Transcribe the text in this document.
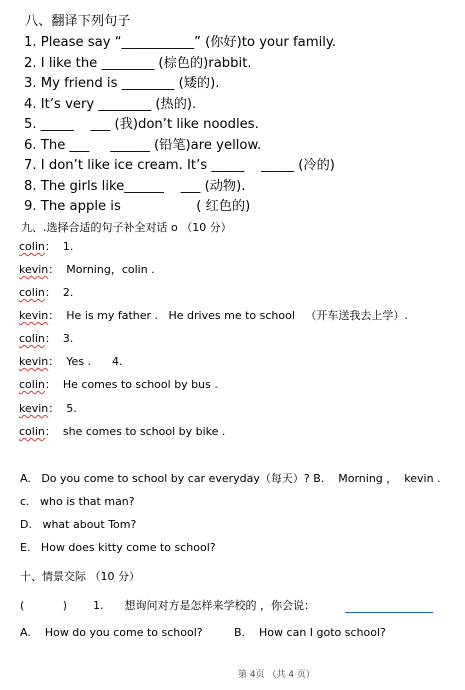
八、翻译下列句子
1. Please say “___________” (你好)to your family.
2. I like the ________ (棕色的)rabbit.
3. My friend is ________ (矮的).
4. It’s very ________ (热的).
5. _____    ___ (我)don’t like noodles.
6. The ___     ______ (铅笔)are yellow.
7. I don’t like ice cream. It’s _____    _____ (冷的)
8. The girls like______    ___ (动物).
9. The apple is                  ( 红色的)
九、.选择合适的句子补全对话 o （10 分）
colin：  1.
kevin：  Morning，colin .
colin：  2.
kevin：  He is my father .   He drives me to school   （开车送我去上学）.
colin：  3.
kevin：  Yes .      4.
colin：  He comes to school by bus .
kevin：  5.
colin：  she comes to school by bike .
A.   Do you come to school by car everyday（每天）? B.    Morning ，  kevin .
c.   who is that man?
D.   what about Tom?
E.   How does kitty come to school?
十、情景交际 （10 分）
(           ) 1.      想询问对方是怎样来学校的 ，你会说：
A.    How do you come to school?	B.    How can I goto school?
第 4页 （共 4 页）
